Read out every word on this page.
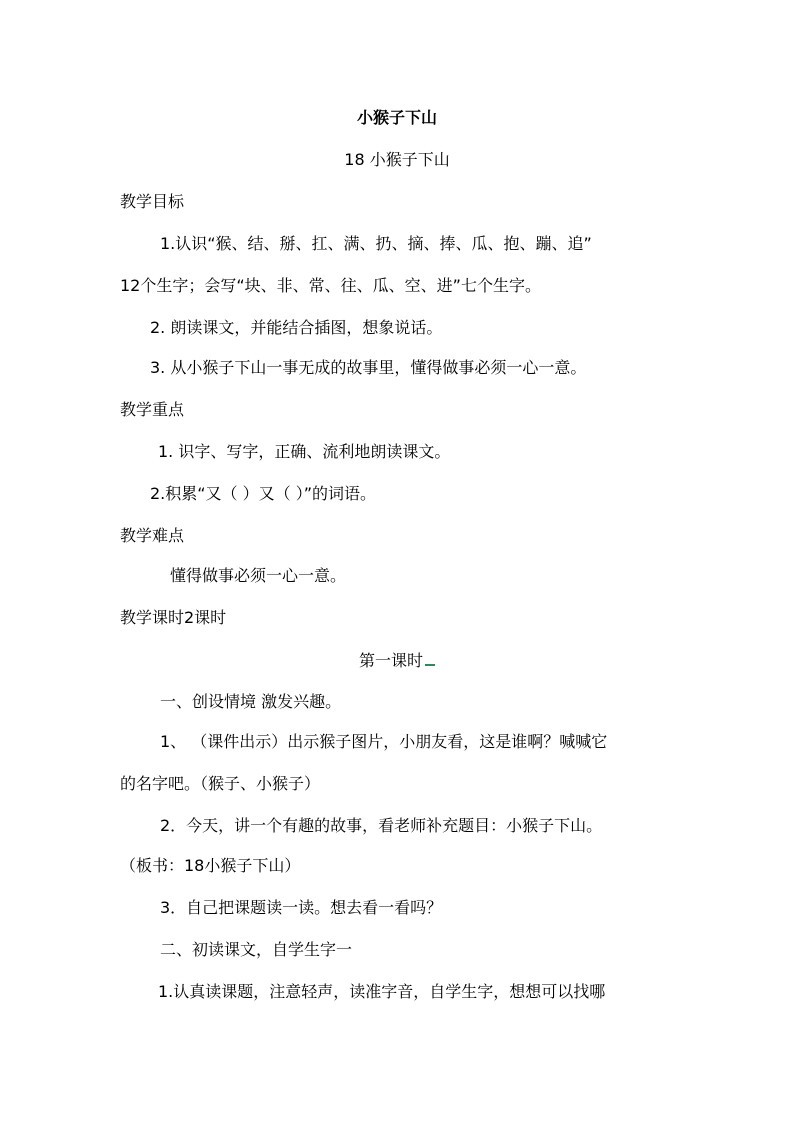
小猴子下山
18 小猴子下山
教学目标
1.认识“猴、结、掰、扛、满、扔、摘、捧、瓜、抱、蹦、追”
12个生字；会写“块、非、常、往、瓜、空、进”七个生字。
2. 朗读课文，并能结合插图，想象说话。
3. 从小猴子下山一事无成的故事里，懂得做事必须一心一意。
教学重点
1. 识字、写字，正确、流利地朗读课文。
2.积累“又（ ）又（ ）”的词语。
教学难点
懂得做事必须一心一意。
教学课时2课时
第一课时
一、创设情境 激发兴趣。
1、 （课件出示）出示猴子图片，小朋友看，这是谁啊？喊喊它
的名字吧。（猴子、小猴子）
2．今天，讲一个有趣的故事，看老师补充题目：小猴子下山。
（板书：18小猴子下山）
3．自己把课题读一读。想去看一看吗？
二、初读课文，自学生字一
1.认真读课题，注意轻声，读准字音，自学生字，想想可以找哪
